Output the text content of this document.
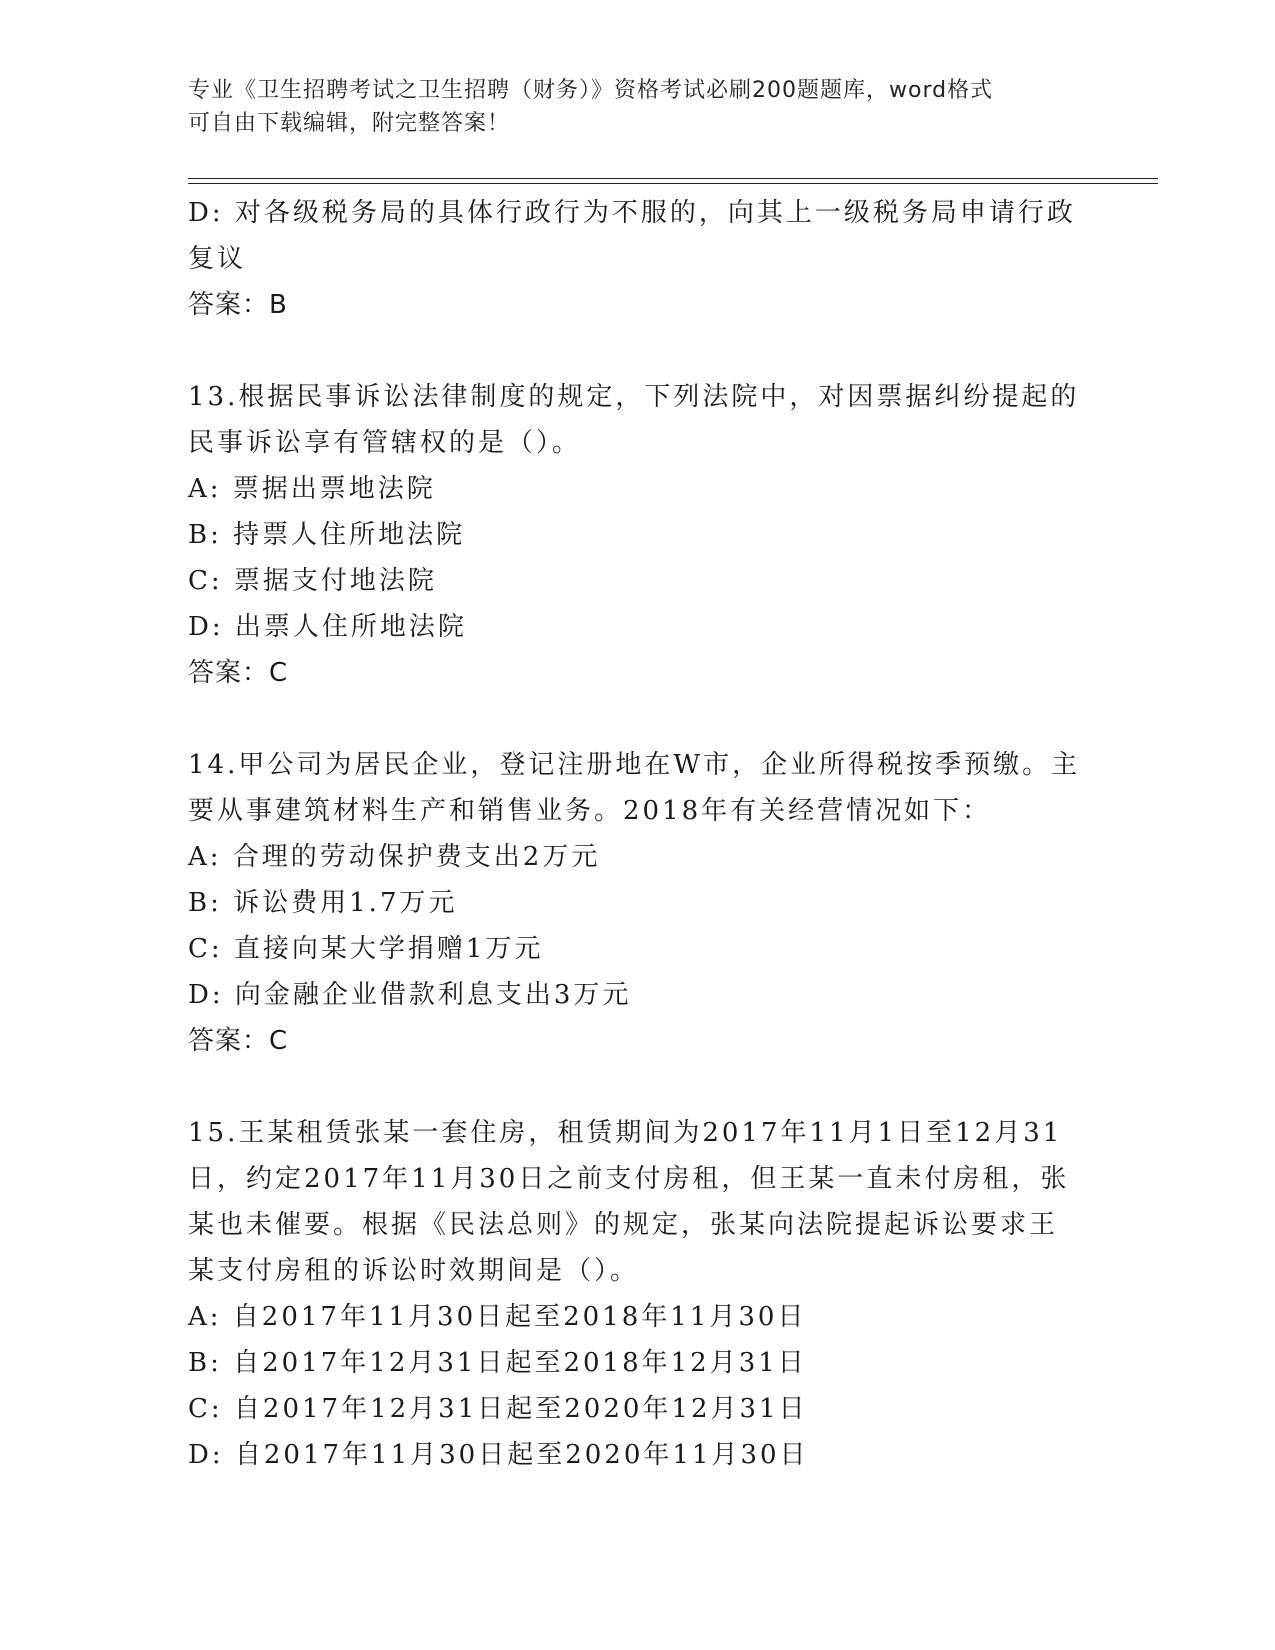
专业《卫生招聘考试之卫生招聘（财务）》资格考试必刷200题题库，word格式
可自由下载编辑，附完整答案！

D: 对各级税务局的具体行政行为不服的，向其上一级税务局申请行政

复议

答案：B

13.根据民事诉讼法律制度的规定，下列法院中，对因票据纠纷提起的

民事诉讼享有管辖权的是（）。

A: 票据出票地法院

B: 持票人住所地法院

C: 票据支付地法院

D: 出票人住所地法院

答案：C

14.甲公司为居民企业，登记注册地在W市，企业所得税按季预缴。主

要从事建筑材料生产和销售业务。2018年有关经营情况如下：

A: 合理的劳动保护费支出2万元

B: 诉讼费用1.7万元

C: 直接向某大学捐赠1万元

D: 向金融企业借款利息支出3万元

答案：C

15.王某租赁张某一套住房，租赁期间为2017年11月1日至12月31

日，约定2017年11月30日之前支付房租，但王某一直未付房租，张

某也未催要。根据《民法总则》的规定，张某向法院提起诉讼要求王

某支付房租的诉讼时效期间是（）。

A: 自2017年11月30日起至2018年11月30日

B: 自2017年12月31日起至2018年12月31日

C: 自2017年12月31日起至2020年12月31日

D: 自2017年11月30日起至2020年11月30日
